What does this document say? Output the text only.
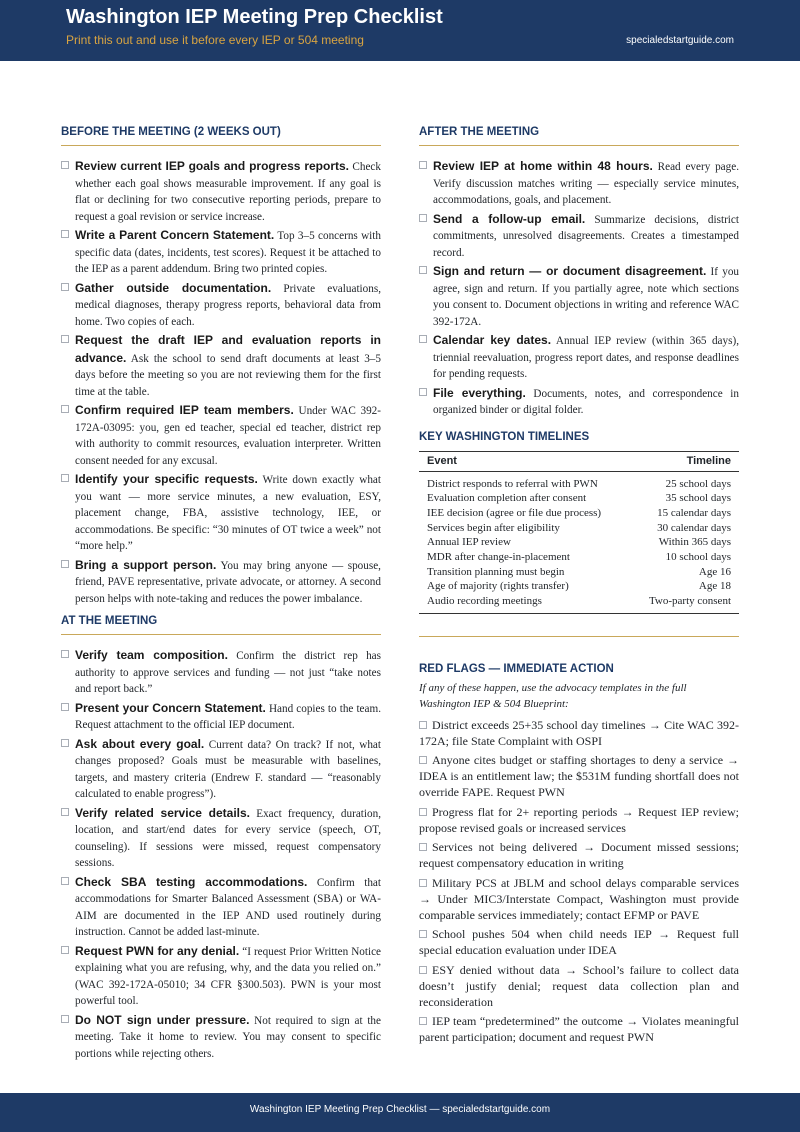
Washington IEP Meeting Prep Checklist
Print this out and use it before every IEP or 504 meeting	specialedstartguide.com
BEFORE THE MEETING (2 WEEKS OUT)
Review current IEP goals and progress reports. Check whether each goal shows measurable improvement. If any goal is flat or declining for two consecutive reporting periods, prepare to request a goal revision or service increase.
Write a Parent Concern Statement. Top 3–5 concerns with specific data (dates, incidents, test scores). Request it be attached to the IEP as a parent addendum. Bring two printed copies.
Gather outside documentation. Private evaluations, medical diagnoses, therapy progress reports, behavioral data from home. Two copies of each.
Request the draft IEP and evaluation reports in advance. Ask the school to send draft documents at least 3–5 days before the meeting so you are not reviewing them for the first time at the table.
Confirm required IEP team members. Under WAC 392-172A-03095: you, gen ed teacher, special ed teacher, district rep with authority to commit resources, evaluation interpreter. Written consent needed for any excusal.
Identify your specific requests. Write down exactly what you want — more service minutes, a new evaluation, ESY, placement change, FBA, assistive technology, IEE, or accommodations. Be specific: “30 minutes of OT twice a week” not “more help.”
Bring a support person. You may bring anyone — spouse, friend, PAVE representative, private advocate, or attorney. A second person helps with note-taking and reduces the power imbalance.
AT THE MEETING
Verify team composition. Confirm the district rep has authority to approve services and funding — not just “take notes and report back.”
Present your Concern Statement. Hand copies to the team. Request attachment to the official IEP document.
Ask about every goal. Current data? On track? If not, what changes proposed? Goals must be measurable with baselines, targets, and mastery criteria (Endrew F. standard — “reasonably calculated to enable progress”).
Verify related service details. Exact frequency, duration, location, and start/end dates for every service (speech, OT, counseling). If sessions were missed, request compensatory sessions.
Check SBA testing accommodations. Confirm that accommodations for Smarter Balanced Assessment (SBA) or WA-AIM are documented in the IEP AND used routinely during instruction. Cannot be added last-minute.
Request PWN for any denial. “I request Prior Written Notice explaining what you are refusing, why, and the data you relied on.” (WAC 392-172A-05010; 34 CFR §300.503). PWN is your most powerful tool.
Do NOT sign under pressure. Not required to sign at the meeting. Take it home to review. You may consent to specific portions while rejecting others.
AFTER THE MEETING
Review IEP at home within 48 hours. Read every page. Verify discussion matches writing — especially service minutes, accommodations, goals, and placement.
Send a follow-up email. Summarize decisions, district commitments, unresolved disagreements. Creates a timestamped record.
Sign and return — or document disagreement. If you agree, sign and return. If you partially agree, note which sections you consent to. Document objections in writing and reference WAC 392-172A.
Calendar key dates. Annual IEP review (within 365 days), triennial reevaluation, progress report dates, and response deadlines for pending requests.
File everything. Documents, notes, and correspondence in organized binder or digital folder.
KEY WASHINGTON TIMELINES
Event	Timeline
District responds to referral with PWN	25 school days
Evaluation completion after consent	35 school days
IEE decision (agree or file due process)	15 calendar days
Services begin after eligibility	30 calendar days
Annual IEP review	Within 365 days
MDR after change-in-placement	10 school days
Transition planning must begin	Age 16
Age of majority (rights transfer)	Age 18
Audio recording meetings	Two-party consent
RED FLAGS — IMMEDIATE ACTION
If any of these happen, use the advocacy templates in the full Washington IEP & 504 Blueprint:
District exceeds 25+35 school day timelines → Cite WAC 392-172A; file State Complaint with OSPI
Anyone cites budget or staffing shortages to deny a service → IDEA is an entitlement law; the $531M funding shortfall does not override FAPE. Request PWN
Progress flat for 2+ reporting periods → Request IEP review; propose revised goals or increased services
Services not being delivered → Document missed sessions; request compensatory education in writing
Military PCS at JBLM and school delays comparable services → Under MIC3/Interstate Compact, Washington must provide comparable services immediately; contact EFMP or PAVE
School pushes 504 when child needs IEP → Request full special education evaluation under IDEA
ESY denied without data → School’s failure to collect data doesn’t justify denial; request data collection plan and reconsideration
IEP team “predetermined” the outcome → Violates meaningful parent participation; document and request PWN
Washington IEP Meeting Prep Checklist — specialedstartguide.com
